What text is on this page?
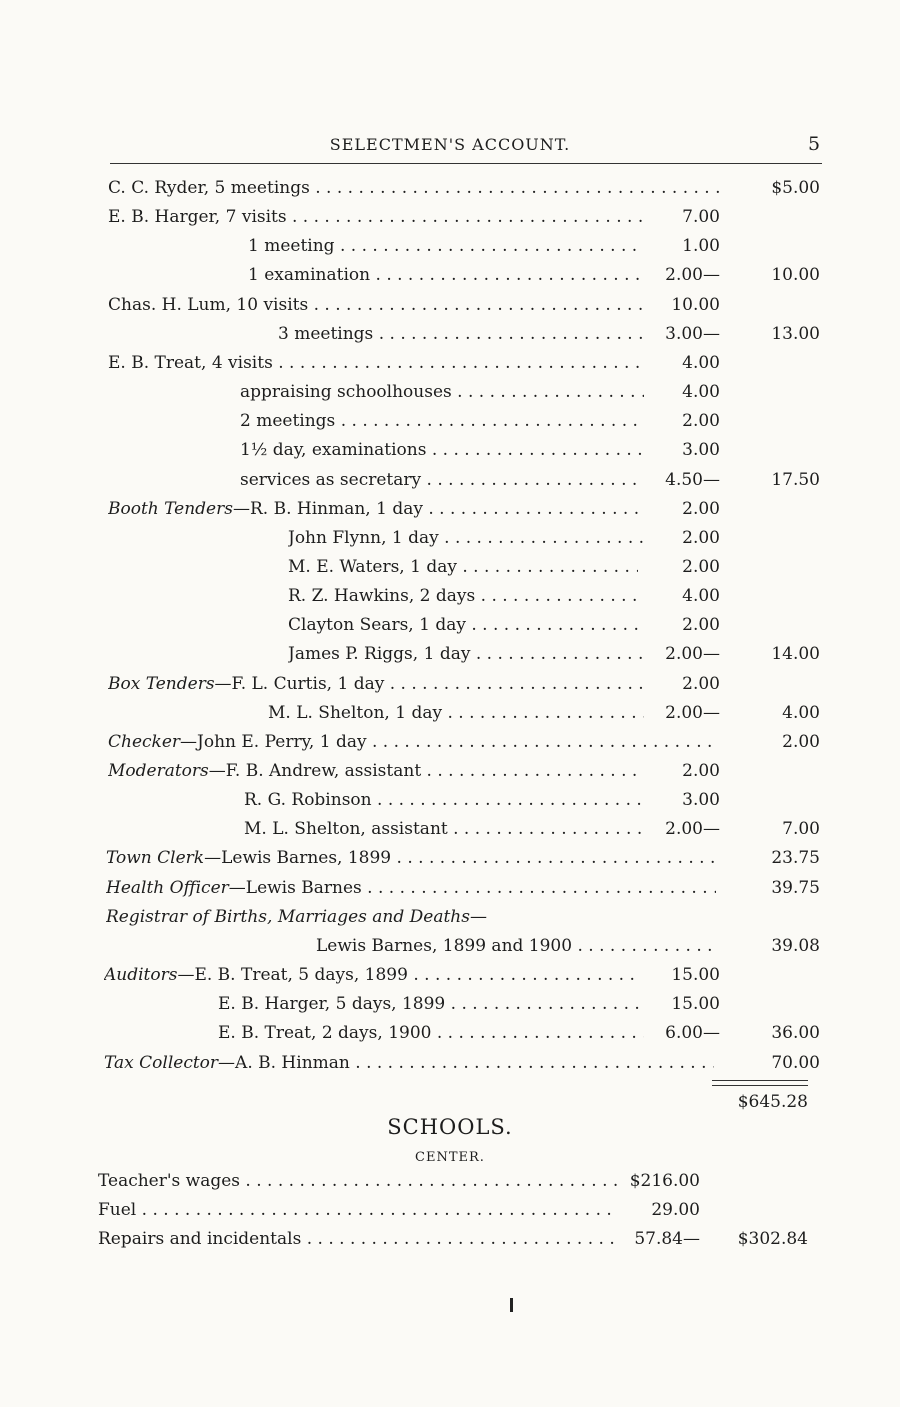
SELECTMEN'S ACCOUNT.	5
C. C. Ryder, 5 meetings . . .	$5.00
E. B. Harger, 7 visits . . .	7.00
1 meeting . . .	1.00
1 examination . . .	2.00—	10.00
Chas. H. Lum, 10 visits . . .	10.00
3 meetings . . .	3.00—	13.00
E. B. Treat, 4 visits . . .	4.00
appraising schoolhouses . . .	4.00
2 meetings . . .	2.00
1½ day, examinations . . .	3.00
services as secretary . . .	4.50—	17.50
Booth Tenders—R. B. Hinman, 1 day . . .	2.00
John Flynn, 1 day . . .	2.00
M. E. Waters, 1 day . . .	2.00
R. Z. Hawkins, 2 days . . .	4.00
Clayton Sears, 1 day . . .	2.00
James P. Riggs, 1 day . . .	2.00—	14.00
Box Tenders—F. L. Curtis, 1 day . . .	2.00
M. L. Shelton, 1 day . . .	2.00—	4.00
Checker—John E. Perry, 1 day . . .	2.00
Moderators—F. B. Andrew, assistant . . .	2.00
R. G. Robinson . . .	3.00
M. L. Shelton, assistant . . .	2.00—	7.00
Town Clerk—Lewis Barnes, 1899 . . .	23.75
Health Officer—Lewis Barnes . . .	39.75
Registrar of Births, Marriages and Deaths—
Lewis Barnes, 1899 and 1900 . . .	39.08
Auditors—E. B. Treat, 5 days, 1899 . . .	15.00
E. B. Harger, 5 days, 1899 . . .	15.00
E. B. Treat, 2 days, 1900 . . .	6.00—	36.00
Tax Collector—A. B. Hinman . . .	70.00
$645.28
SCHOOLS.
CENTER.
Teacher's wages . . .	$216.00
Fuel . . .	29.00
Repairs and incidentals . . .	57.84— $302.84
